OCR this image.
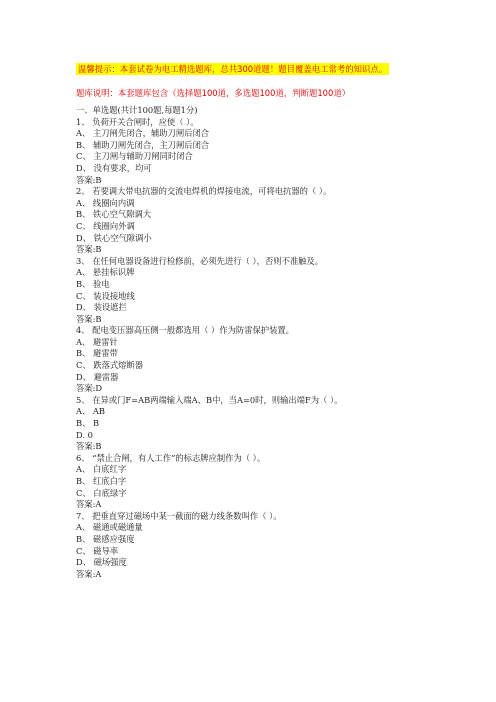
温馨提示：本套试卷为电工精选题库，总共300道题！题目覆盖电工常考的知识点。
题库说明：本套题库包含（选择题100道，多选题100道，判断题100道）
一、单选题(共计100题,每题1分)
1、 负荷开关合闸时，应使（ ）。
A、 主刀闸先闭合，辅助刀闸后闭合
B、 辅助刀闸先闭合，主刀闸后闭合
C、 主刀闸与辅助刀闸同时闭合
D、 没有要求，均可
答案:B
2、 若要调大带电抗器的交流电焊机的焊接电流，可将电抗器的（ ）。
A、 线圈向内调
B、 铁心空气隙调大
C、 线圈向外调
D、 铁心空气隙调小
答案:B
3、 在任何电器设备进行检修前，必须先进行（ ），否则不准触及。
A、 悬挂标识牌
B、 验电
C、 装设接地线
D、 装设遮拦
答案:B
4、 配电变压器高压侧一般都选用（ ）作为防雷保护装置。
A、 避雷针
B、 避雷带
C、 跌落式熔断器
D、 避雷器
答案:D
5、 在异或门F=AB两端输入端A、B中，当A=0时，则输出端F为（ ）。
A、 AB
B、 B
D. 0
答案:B
6、 “禁止合闸，有人工作”的标志牌应制作为（ ）。
A、 白底红字
B、 红底白字
C、 白底绿字
答案:A
7、 把垂直穿过磁场中某一截面的磁力线条数叫作（ ）。
A、 磁通或磁通量
B、 磁感应强度
C、 磁导率
D、 磁场强度
答案:A
